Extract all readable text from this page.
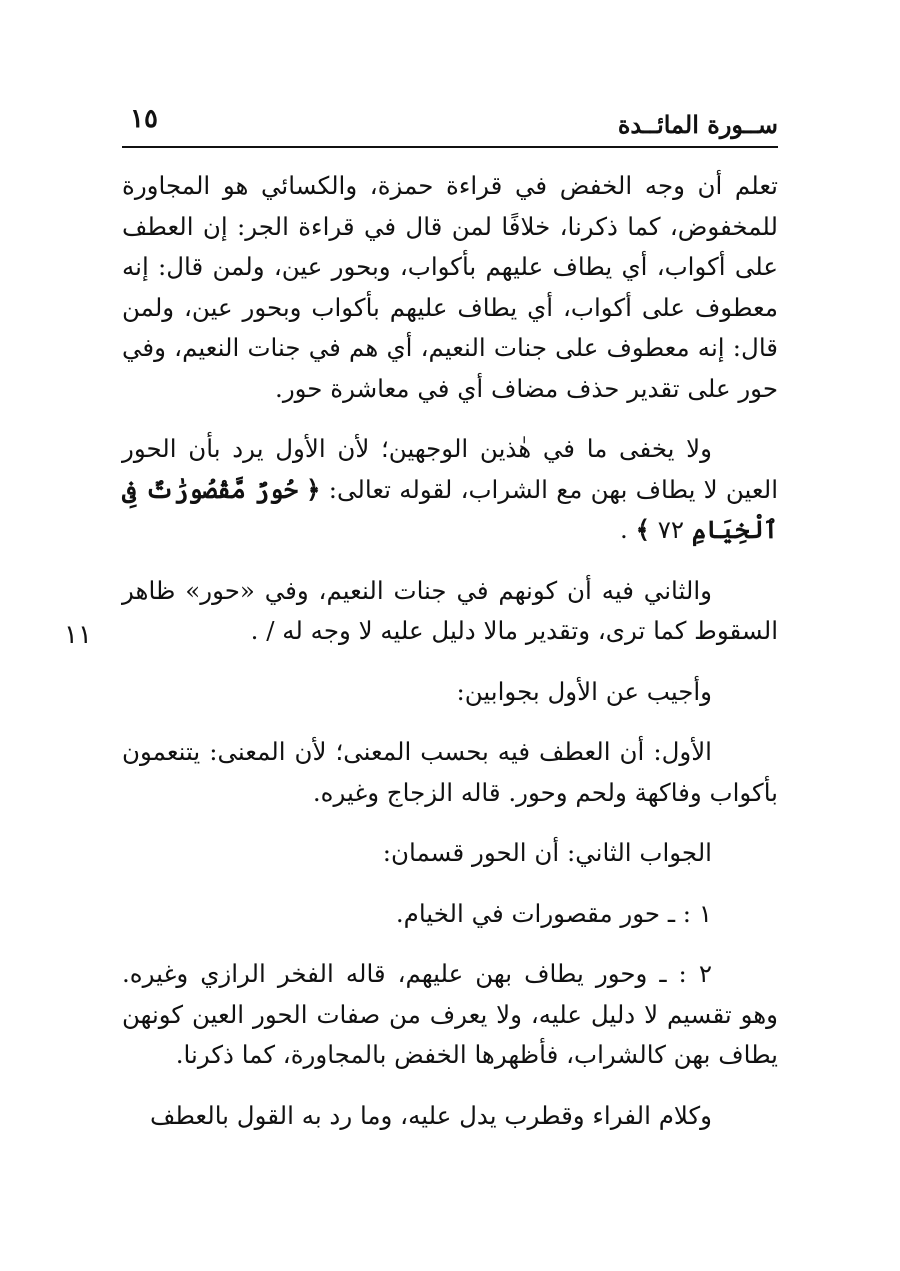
١٥	ســورة المائــدة
١١

تعلم أن وجه الخفض في قراءة حمزة، والكسائي هو المجاورة للمخفوض، كما ذكرنا، خلافًا لمن قال في قراءة الجر: إن العطف على أكواب، أي يطاف عليهم بأكواب، وبحور عين، ولمن قال: إنه معطوف على أكواب، أي يطاف عليهم بأكواب وبحور عين، ولمن قال: إنه معطوف على جنات النعيم، أي هم في جنات النعيم، وفي حور على تقدير حذف مضاف أي في معاشرة حور.

ولا يخفى ما في هٰذين الوجهين؛ لأن الأول يرد بأن الحور العين لا يطاف بهن مع الشراب، لقوله تعالى: ﴿ حُورٌ مَّقْصُورَٰتٌ فِى ٱلْخِيَامِ ٧٢ ﴾ .

والثاني فيه أن كونهم في جنات النعيم، وفي «حور» ظاهر السقوط كما ترى، وتقدير مالا دليل عليه لا وجه له / .

وأجيب عن الأول بجوابين:

الأول: أن العطف فيه بحسب المعنى؛ لأن المعنى: يتنعمون بأكواب وفاكهة ولحم وحور. قاله الزجاج وغيره.

الجواب الثاني: أن الحور قسمان:

١ : ـ حور مقصورات في الخيام.

٢ : ـ وحور يطاف بهن عليهم، قاله الفخر الرازي وغيره. وهو تقسيم لا دليل عليه، ولا يعرف من صفات الحور العين كونهن يطاف بهن كالشراب، فأظهرها الخفض بالمجاورة، كما ذكرنا.

وكلام الفراء وقطرب يدل عليه، وما رد به القول بالعطف
